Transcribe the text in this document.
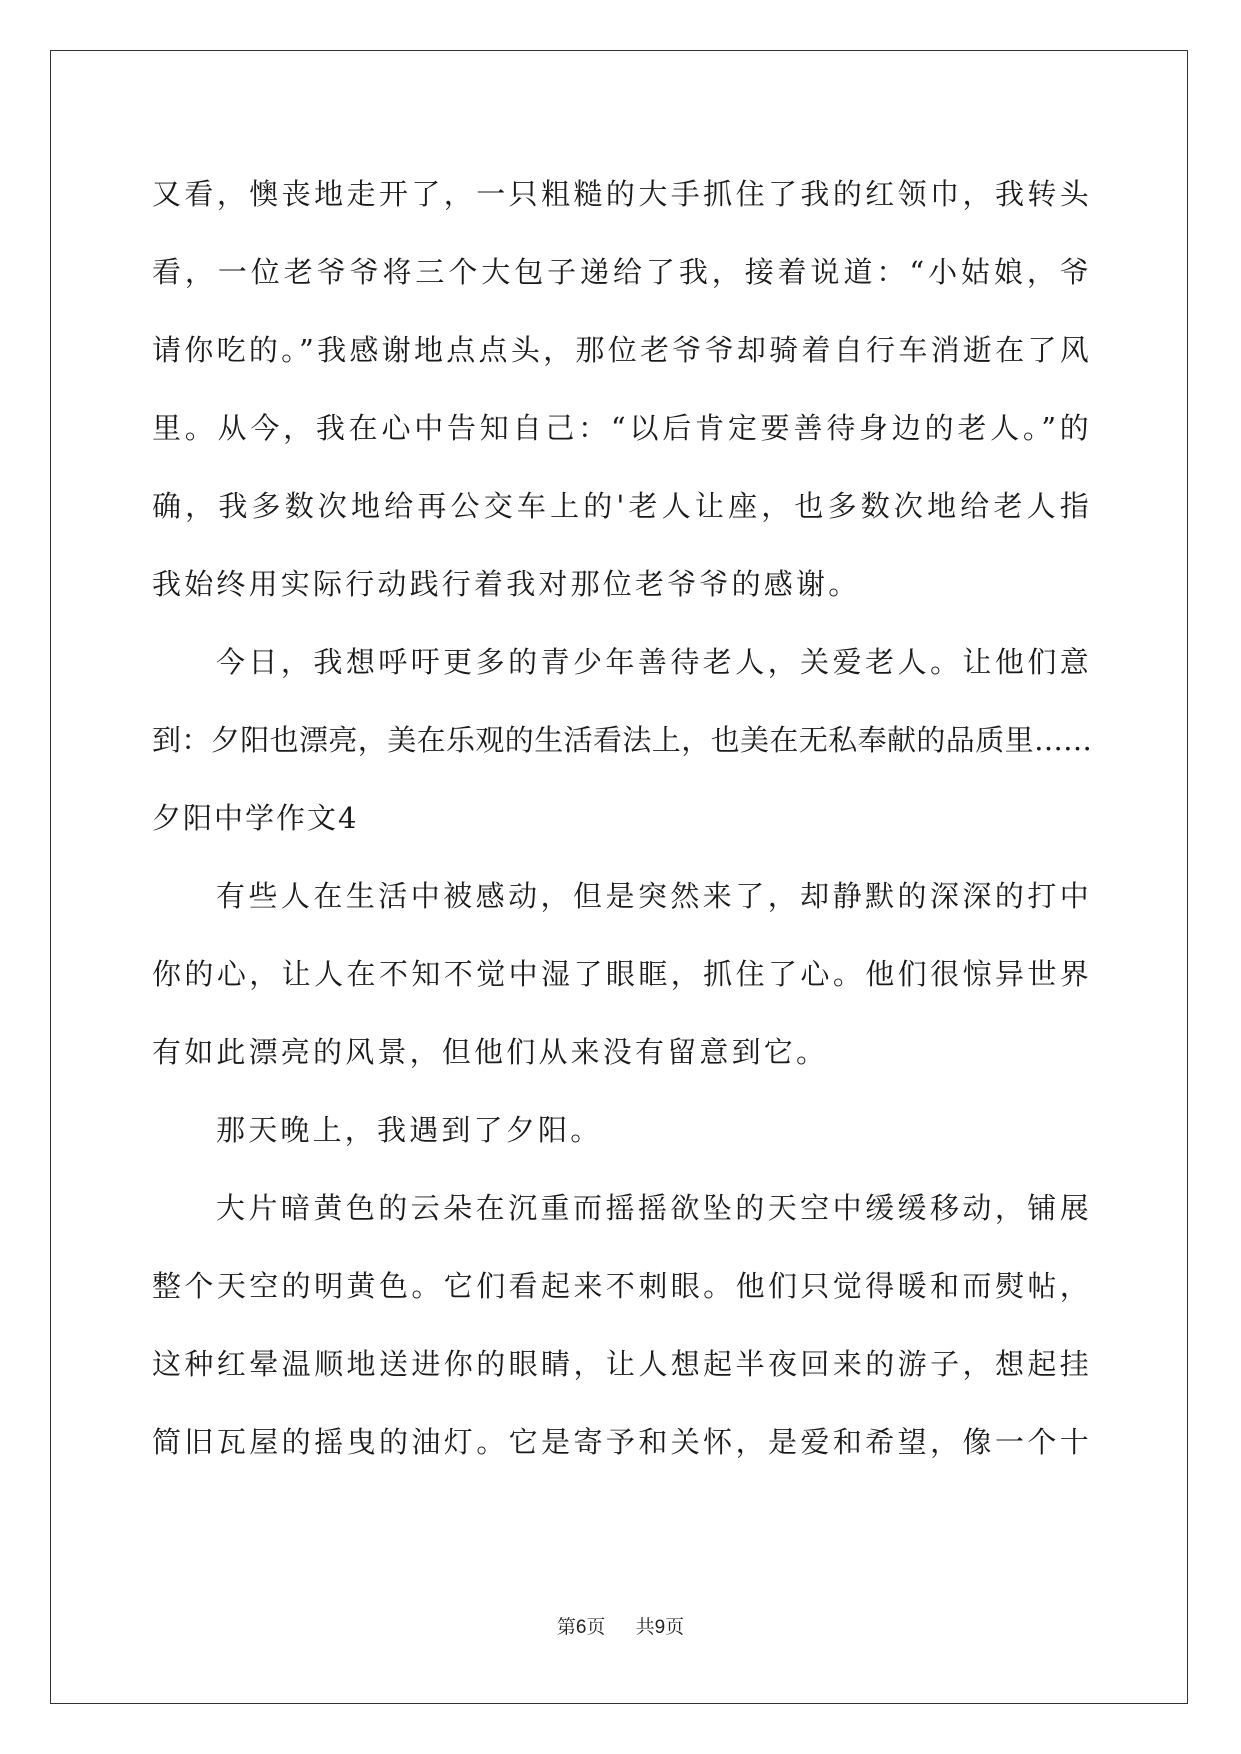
又看，懊丧地走开了，一只粗糙的大手抓住了我的红领巾，我转头
看，一位老爷爷将三个大包子递给了我，接着说道：“小姑娘，爷
请你吃的。”我感谢地点点头，那位老爷爷却骑着自行车消逝在了风
里。从今，我在心中告知自己：“以后肯定要善待身边的老人。”的
确，我多数次地给再公交车上的'老人让座，也多数次地给老人指
我始终用实际行动践行着我对那位老爷爷的感谢。
今日，我想呼吁更多的青少年善待老人，关爱老人。让他们意
到：夕阳也漂亮，美在乐观的生活看法上，也美在无私奉献的品质里……
夕阳中学作文4
有些人在生活中被感动，但是突然来了，却静默的深深的打中
你的心，让人在不知不觉中湿了眼眶，抓住了心。他们很惊异世界
有如此漂亮的风景，但他们从来没有留意到它。
那天晚上，我遇到了夕阳。
大片暗黄色的云朵在沉重而摇摇欲坠的天空中缓缓移动，铺展
整个天空的明黄色。它们看起来不刺眼。他们只觉得暖和而熨帖，
这种红晕温顺地送进你的眼睛，让人想起半夜回来的游子，想起挂
简旧瓦屋的摇曳的油灯。它是寄予和关怀，是爱和希望，像一个十
第6页 共9页
